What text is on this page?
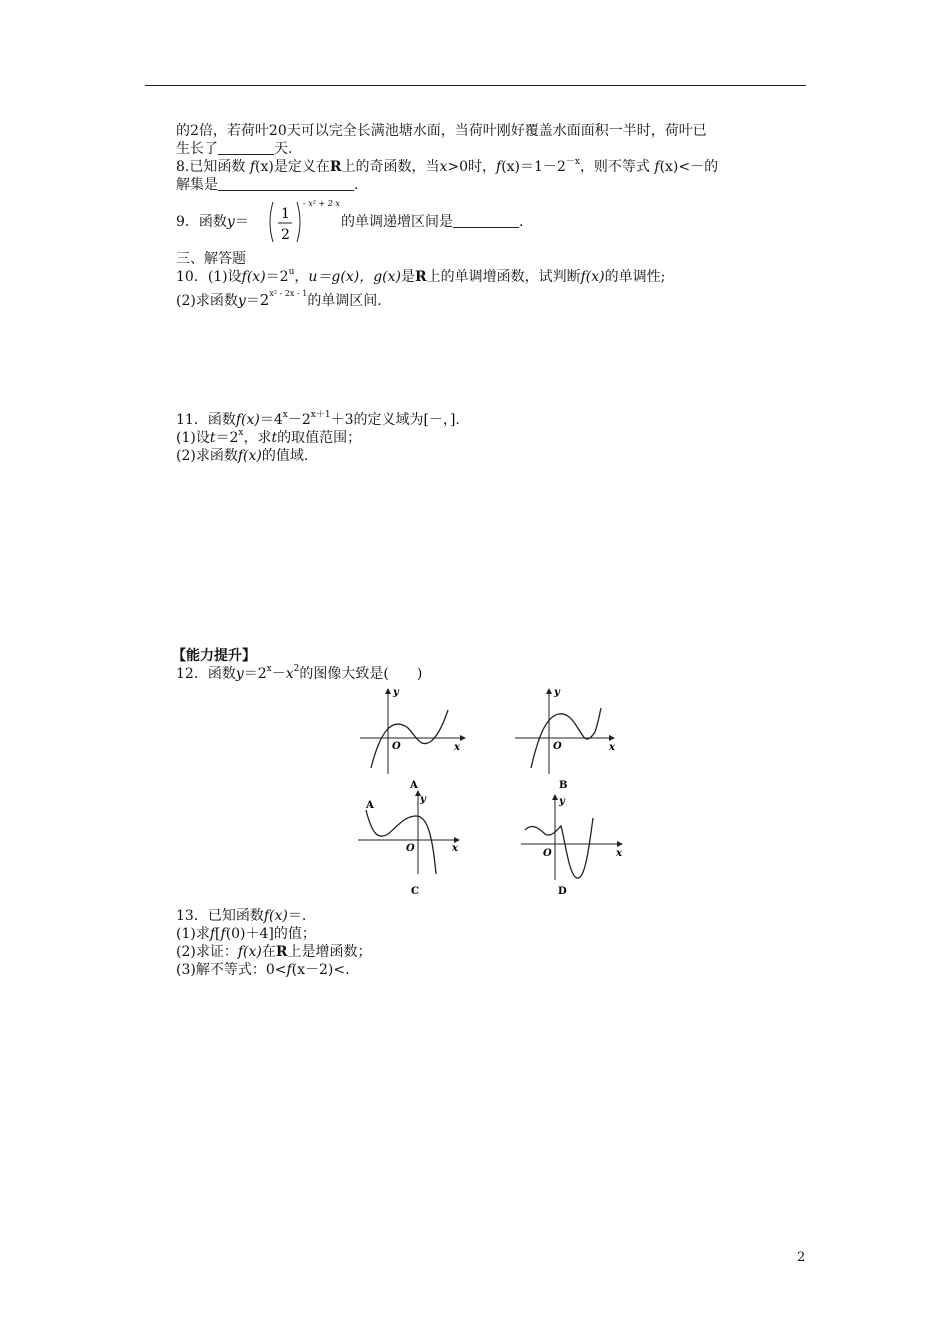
的2倍，若荷叶20天可以完全长满池塘水面，当荷叶刚好覆盖水面面积一半时，荷叶已
生长了	天.
8.已知函数 f(x)是定义在R上的奇函数，当x>0时，$f(x)=1-2^{-x}$，则不等式 f(x)<－的
解集是	.
9．函数y＝ 1
2
- x² + 2 x
的单调递增区间是	.
三、解答题
10．(1)设$f(x)=2^u$，u＝g(x)，g(x)是R上的单调增函数，试判断f(x)的单调性;
(2)求函数$y=2^{x^2 - 2x - 1}$的单调区间.
11．函数$f(x)=4^x-2^{x+1}+3$的定义域为[－，].
(1)设$t=2^x$，求t的取值范围；
(2)求函数f(x)的值域.
【能力提升】
12．函数$y=2^x-x^2$的图像大致是(　　)
y
x
O
A
y
x
O
B
y
x
O
A
C
y
x
O
D
13．已知函数f(x)＝.
(1)求f[f(0)＋4]的值；
(2)求证：f(x)在R上是增函数；
(3)解不等式：0<f(x－2)<.
2
